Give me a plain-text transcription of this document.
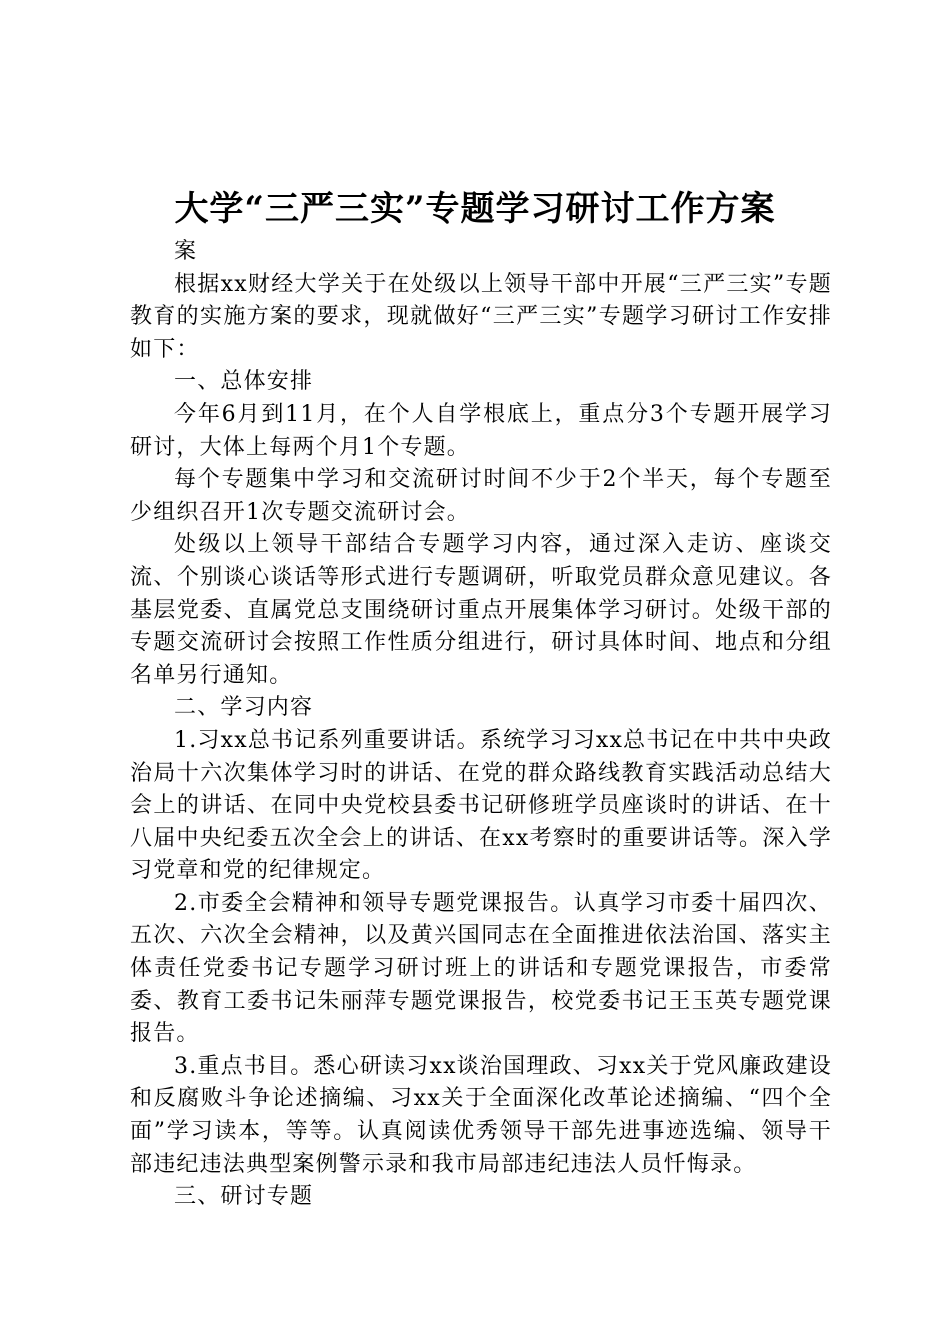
大学“三严三实”专题学习研讨工作方案

案

根据xx财经大学关于在处级以上领导干部中开展“三严三实”专题教育的实施方案的要求，现就做好“三严三实”专题学习研讨工作安排如下：

一、总体安排

今年6月到11月，在个人自学根底上，重点分3个专题开展学习研讨，大体上每两个月1个专题。

每个专题集中学习和交流研讨时间不少于2个半天，每个专题至少组织召开1次专题交流研讨会。

处级以上领导干部结合专题学习内容，通过深入走访、座谈交流、个别谈心谈话等形式进行专题调研，听取党员群众意见建议。各基层党委、直属党总支围绕研讨重点开展集体学习研讨。处级干部的专题交流研讨会按照工作性质分组进行，研讨具体时间、地点和分组名单另行通知。

二、学习内容

1.习xx总书记系列重要讲话。系统学习习xx总书记在中共中央政治局十六次集体学习时的讲话、在党的群众路线教育实践活动总结大会上的讲话、在同中央党校县委书记研修班学员座谈时的讲话、在十八届中央纪委五次全会上的讲话、在xx考察时的重要讲话等。深入学习党章和党的纪律规定。

2.市委全会精神和领导专题党课报告。认真学习市委十届四次、五次、六次全会精神，以及黄兴国同志在全面推进依法治国、落实主体责任党委书记专题学习研讨班上的讲话和专题党课报告，市委常委、教育工委书记朱丽萍专题党课报告，校党委书记王玉英专题党课报告。

3.重点书目。悉心研读习xx谈治国理政、习xx关于党风廉政建设和反腐败斗争论述摘编、习xx关于全面深化改革论述摘编、“四个全面”学习读本，等等。认真阅读优秀领导干部先进事迹选编、领导干部违纪违法典型案例警示录和我市局部违纪违法人员忏悔录。

三、研讨专题
